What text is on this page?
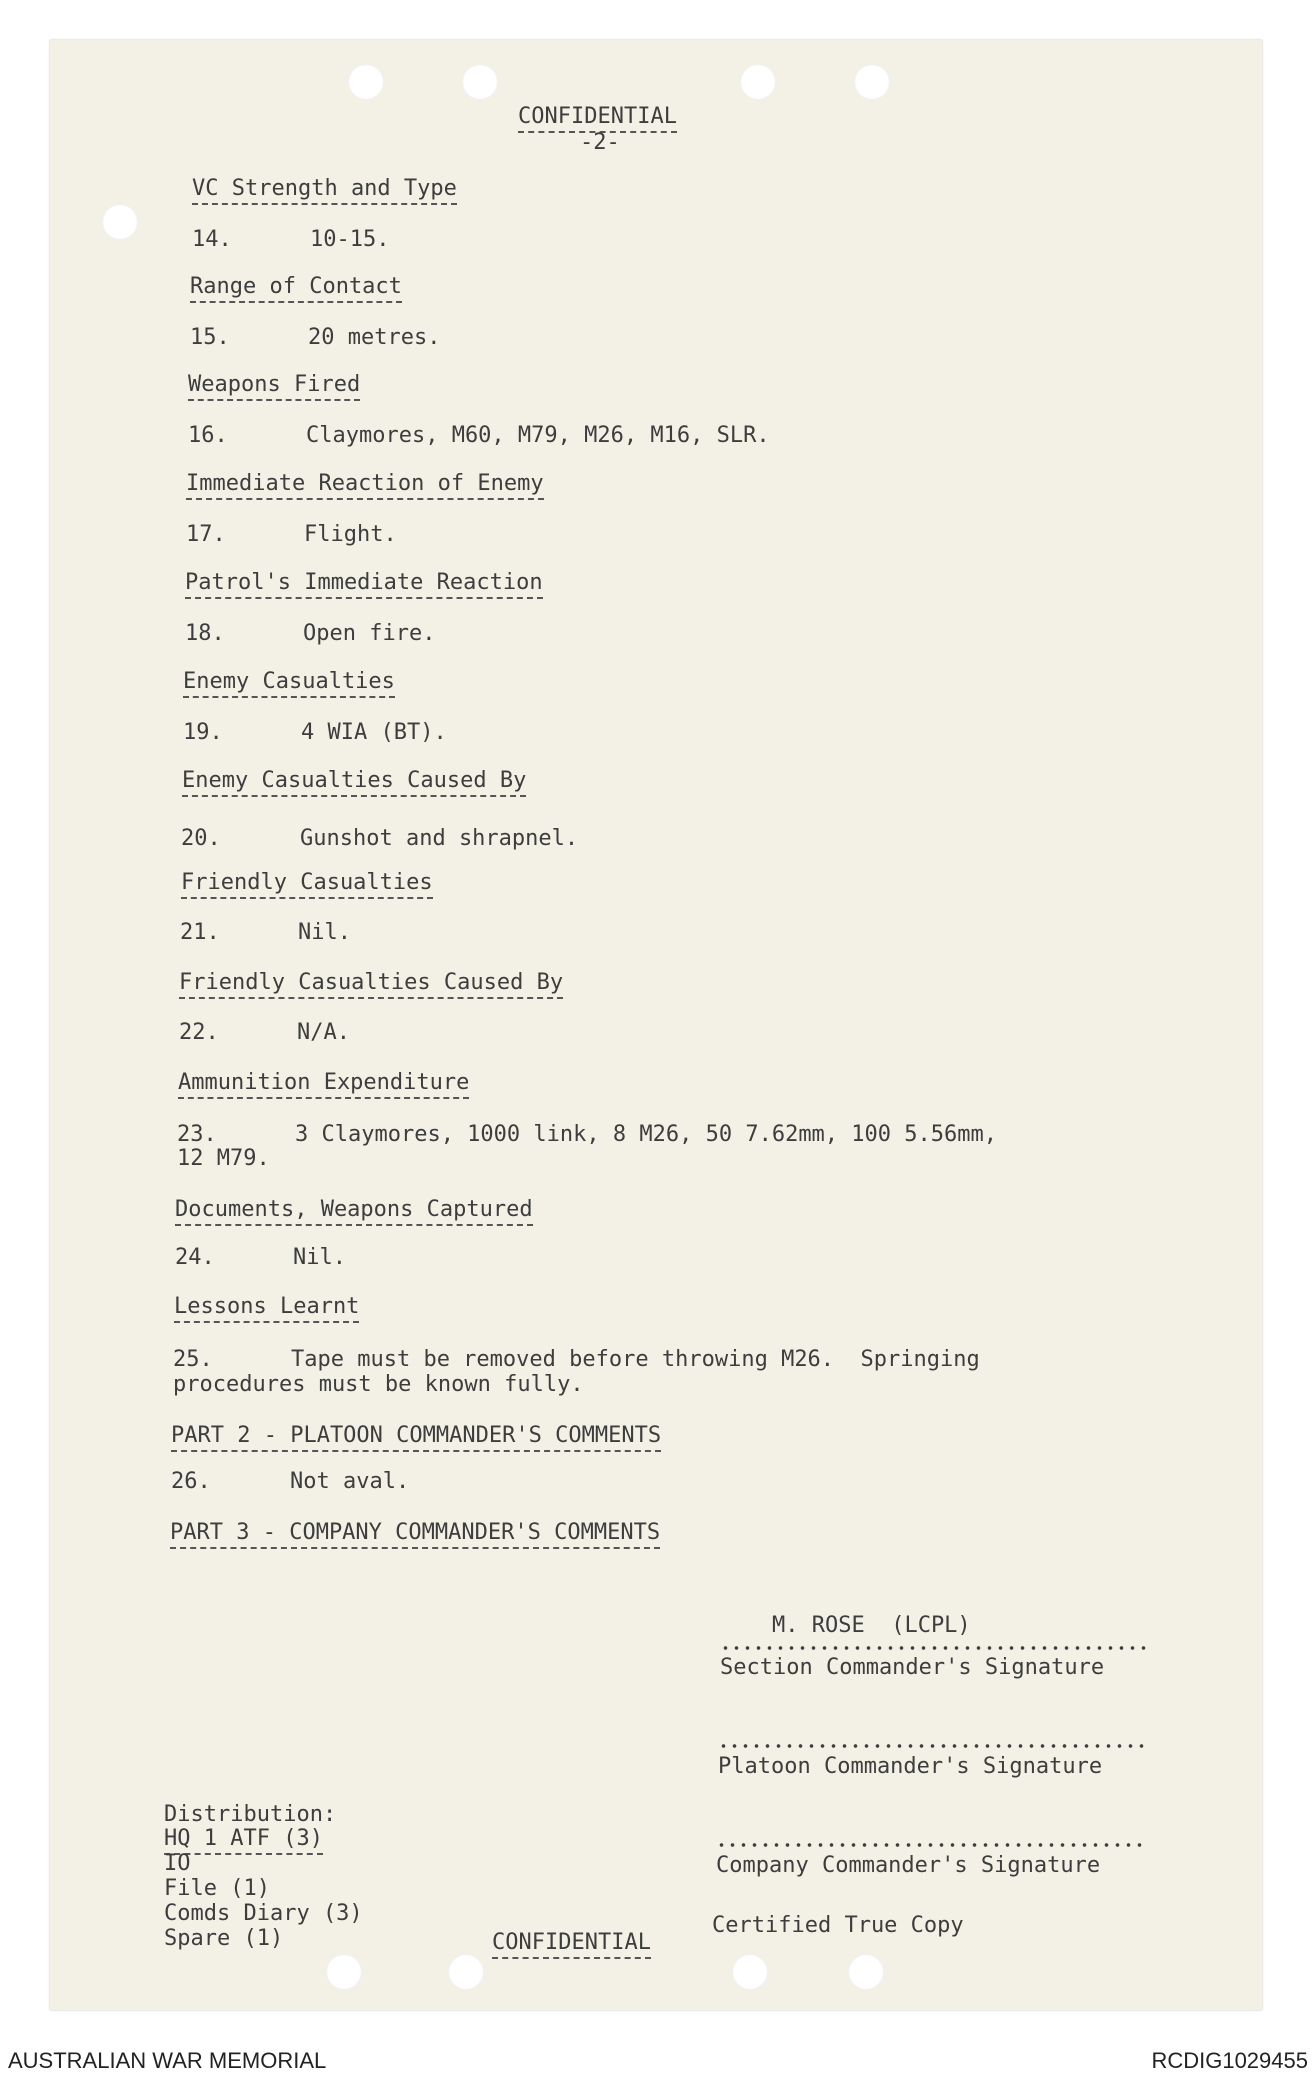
CONFIDENTIAL
-2-
VC Strength and Type
14.	10-15.
Range of Contact
15.	20 metres.
Weapons Fired
16.	Claymores, M60, M79, M26, M16, SLR.
Immediate Reaction of Enemy
17.	Flight.
Patrol's Immediate Reaction
18.	Open fire.
Enemy Casualties
19.	4 WIA (BT).
Enemy Casualties Caused By
20.	Gunshot and shrapnel.
Friendly Casualties
21.	Nil.
Friendly Casualties Caused By
22.	N/A.
Ammunition Expenditure
23.	3 Claymores, 1000 link, 8 M26, 50 7.62mm, 100 5.56mm,
12 M79.
Documents, Weapons Captured
24.	Nil.
Lessons Learnt
25.	Tape must be removed before throwing M26.  Springing
procedures must be known fully.
PART 2 - PLATOON COMMANDER'S COMMENTS
26.	Not aval.
PART 3 - COMPANY COMMANDER'S COMMENTS
M. ROSE  (LCPL)
Section Commander's Signature
Platoon Commander's Signature
Company Commander's Signature
Certified True Copy
Distribution:
HQ 1 ATF (3)
IO
File (1)
Comds Diary (3)
Spare (1)	CONFIDENTIAL
AUSTRALIAN WAR MEMORIAL	RCDIG1029455
